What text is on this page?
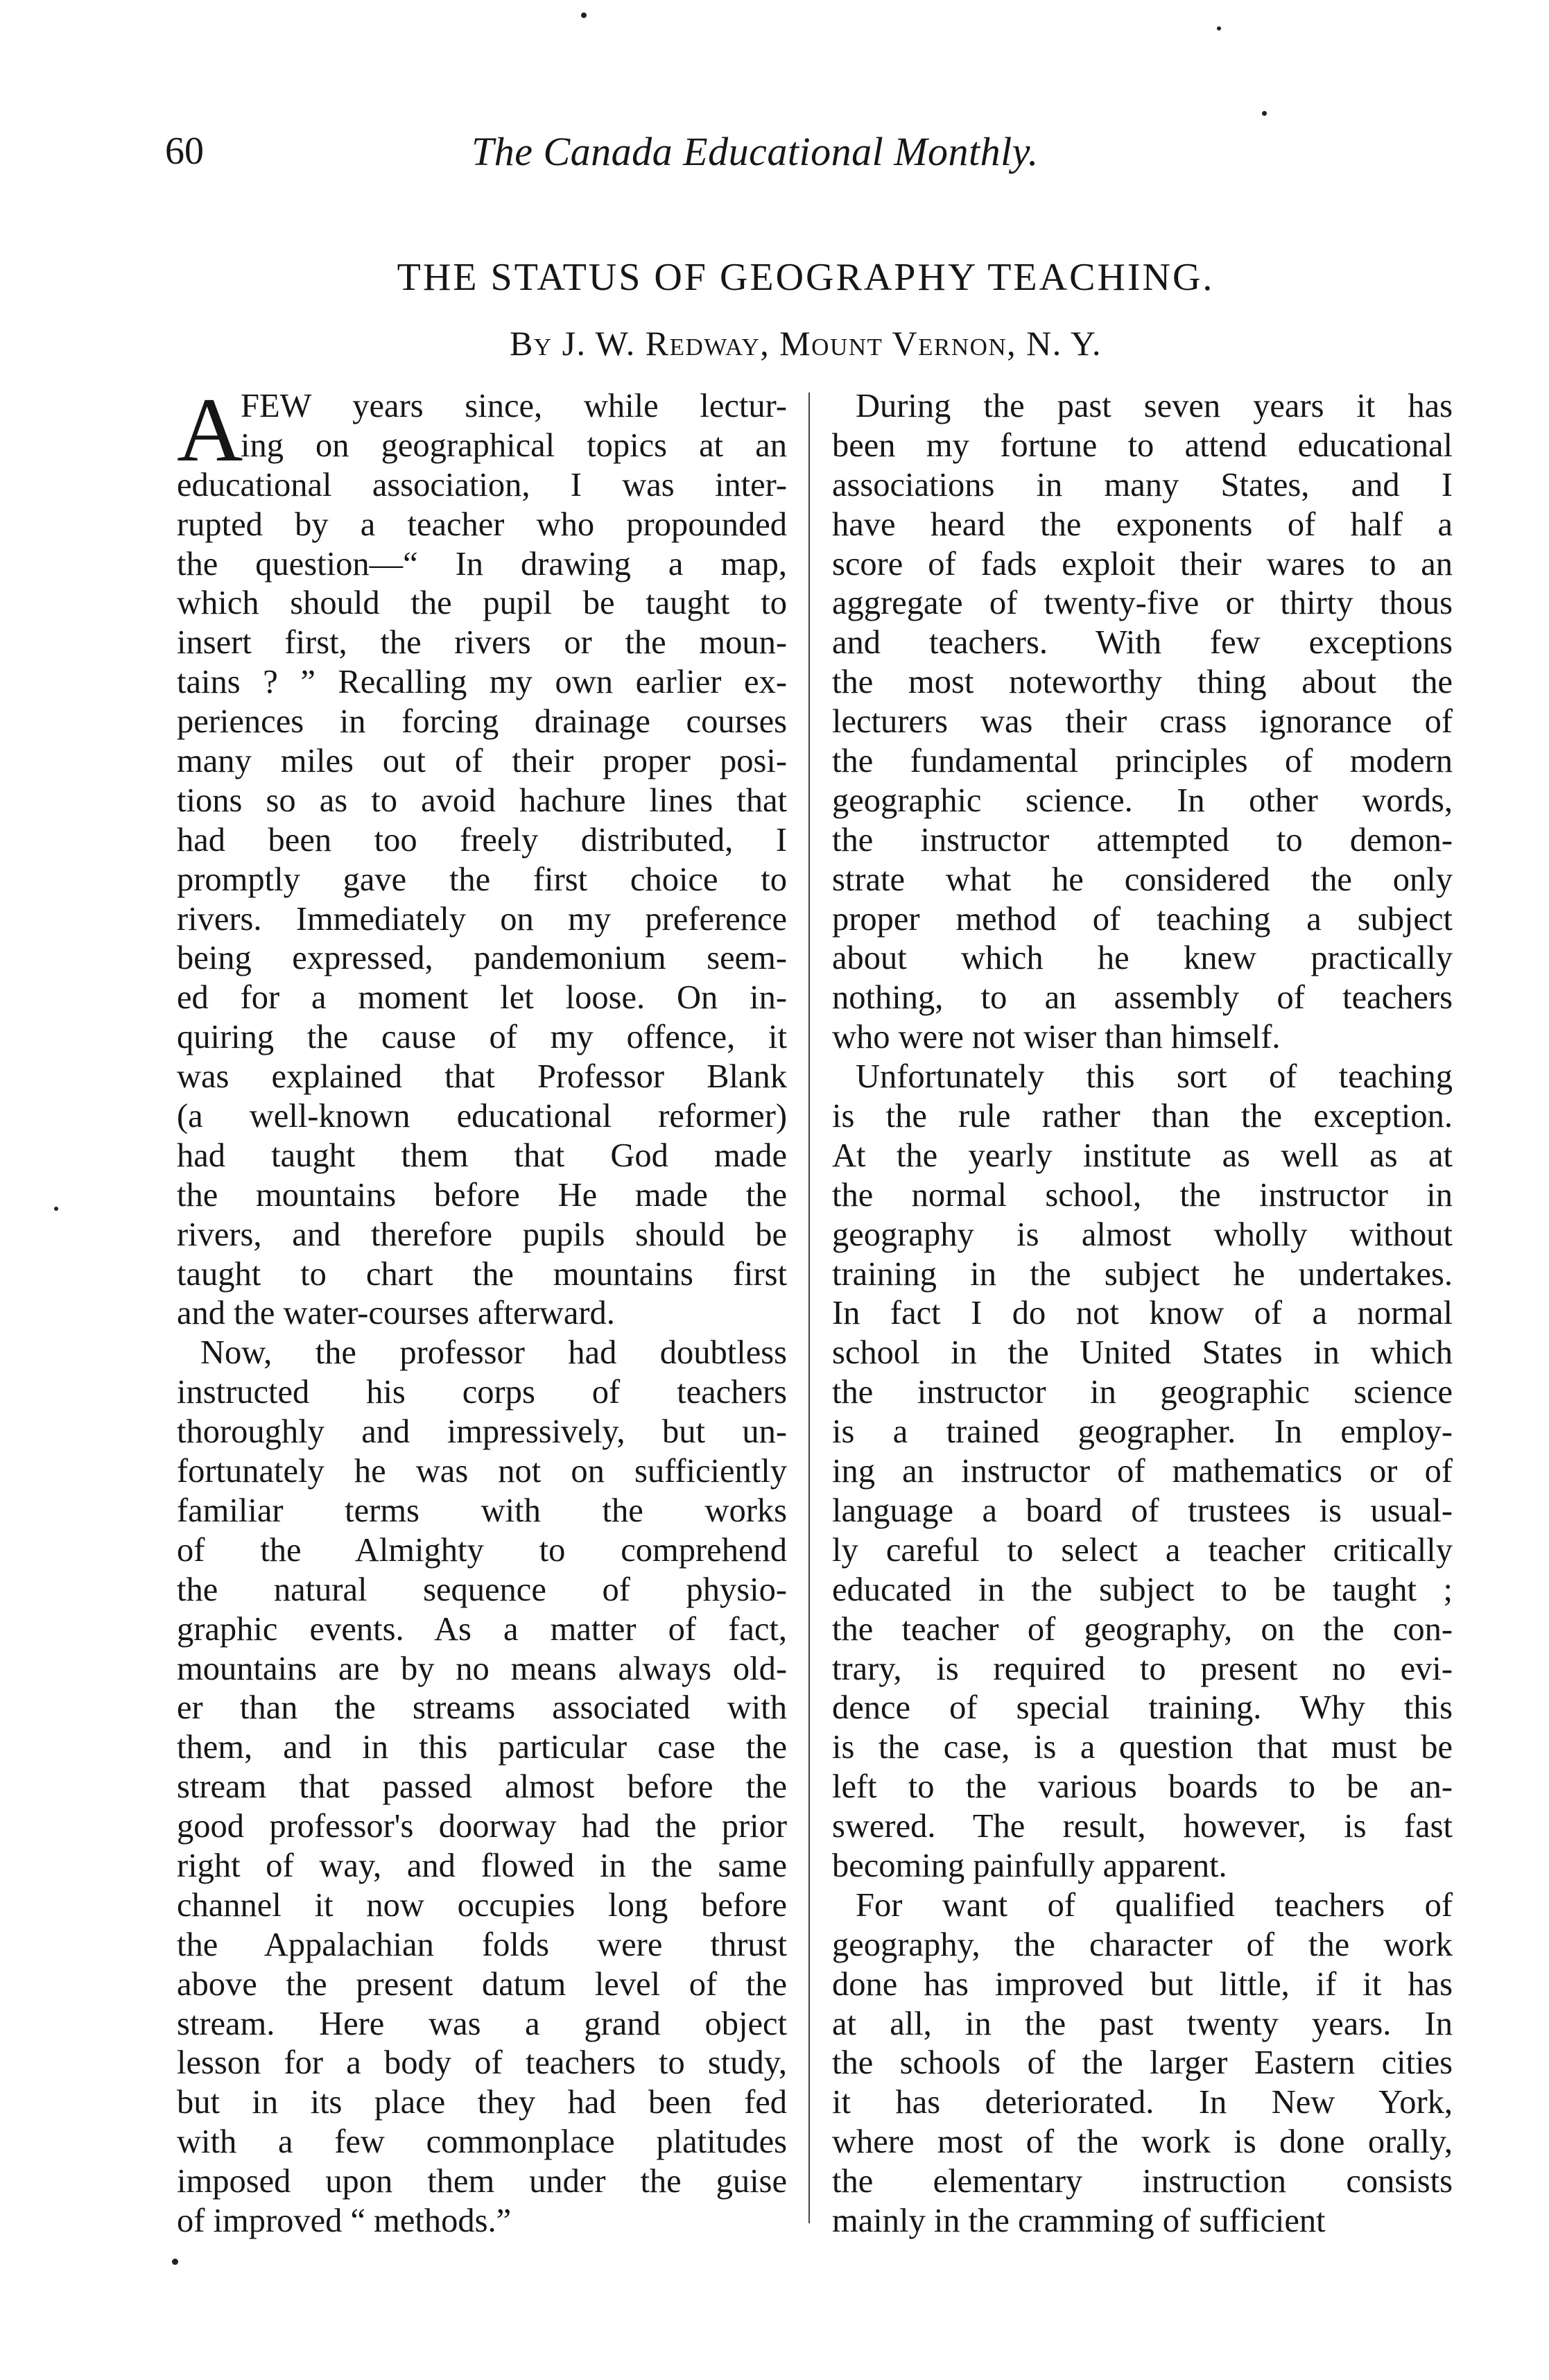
60	The Canada Educational Monthly.
THE STATUS OF GEOGRAPHY TEACHING.
By J. W. Redway, Mount Vernon, N. Y.
A
FEW years since, while lectur-
ing on geographical topics at an
educational association, I was inter-
rupted by a teacher who propounded
the question—“ In drawing a map,
which should the pupil be taught to
insert first, the rivers or the moun-
tains ? ” Recalling my own earlier ex-
periences in forcing drainage courses
many miles out of their proper posi-
tions so as to avoid hachure lines that
had been too freely distributed, I
promptly gave the first choice to
rivers. Immediately on my preference
being expressed, pandemonium seem-
ed for a moment let loose. On in-
quiring the cause of my offence, it
was explained that Professor Blank
(a well-known educational reformer)
had taught them that God made
the mountains before He made the
rivers, and therefore pupils should be
taught to chart the mountains first
and the water-courses afterward.
Now, the professor had doubtless
instructed his corps of teachers
thoroughly and impressively, but un-
fortunately he was not on sufficiently
familiar terms with the works
of the Almighty to comprehend
the natural sequence of physio-
graphic events. As a matter of fact,
mountains are by no means always old-
er than the streams associated with
them, and in this particular case the
stream that passed almost before the
good professor's doorway had the prior
right of way, and flowed in the same
channel it now occupies long before
the Appalachian folds were thrust
above the present datum level of the
stream. Here was a grand object
lesson for a body of teachers to study,
but in its place they had been fed
with a few commonplace platitudes
imposed upon them under the guise
of improved “ methods.”
During the past seven years it has
been my fortune to attend educational
associations in many States, and I
have heard the exponents of half a
score of fads exploit their wares to an
aggregate of twenty-five or thirty thous
and teachers. With few exceptions
the most noteworthy thing about the
lecturers was their crass ignorance of
the fundamental principles of modern
geographic science. In other words,
the instructor attempted to demon-
strate what he considered the only
proper method of teaching a subject
about which he knew practically
nothing, to an assembly of teachers
who were not wiser than himself.
Unfortunately this sort of teaching
is the rule rather than the exception.
At the yearly institute as well as at
the normal school, the instructor in
geography is almost wholly without
training in the subject he undertakes.
In fact I do not know of a normal
school in the United States in which
the instructor in geographic science
is a trained geographer. In employ-
ing an instructor of mathematics or of
language a board of trustees is usual-
ly careful to select a teacher critically
educated in the subject to be taught ;
the teacher of geography, on the con-
trary, is required to present no evi-
dence of special training. Why this
is the case, is a question that must be
left to the various boards to be an-
swered. The result, however, is fast
becoming painfully apparent.
For want of qualified teachers of
geography, the character of the work
done has improved but little, if it has
at all, in the past twenty years. In
the schools of the larger Eastern cities
it has deteriorated. In New York,
where most of the work is done orally,
the elementary instruction consists
mainly in the cramming of sufficient
